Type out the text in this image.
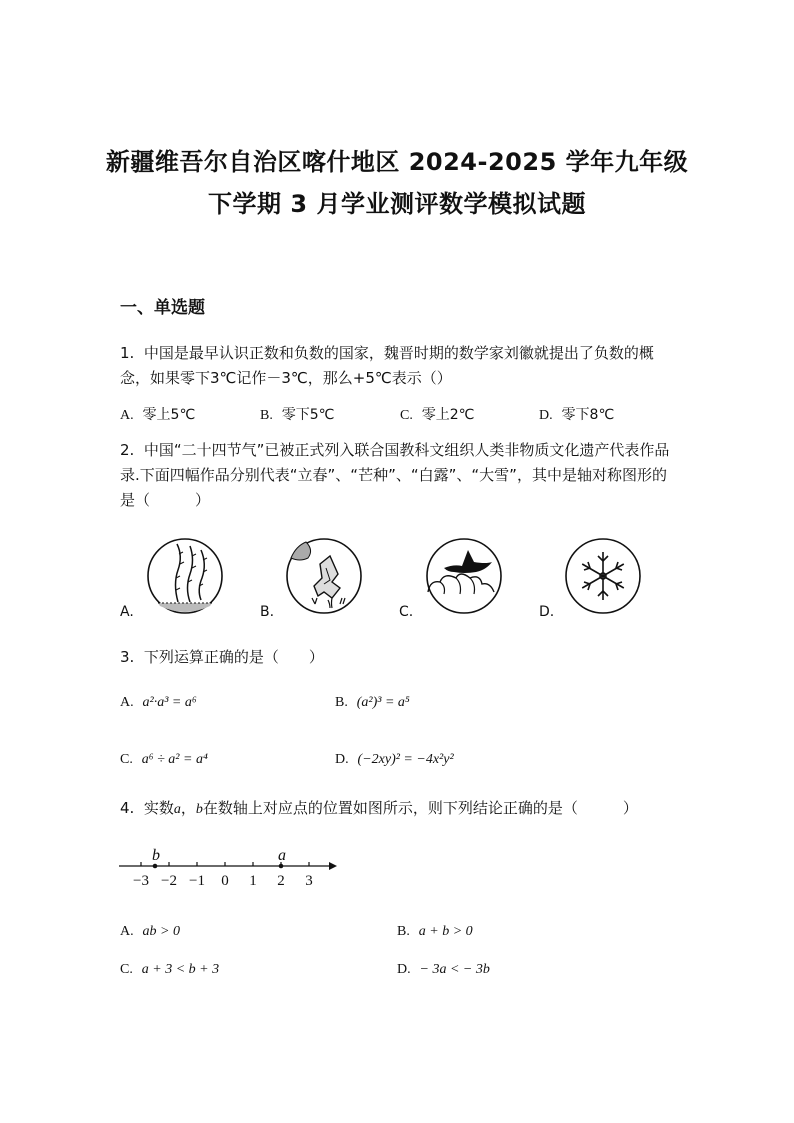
新疆维吾尔自治区喀什地区 2024-2025 学年九年级
下学期 3 月学业测评数学模拟试题
一、单选题
1. 中国是最早认识正数和负数的国家，魏晋时期的数学家刘徽就提出了负数的概念，如果零下3℃记作－3℃，那么+5℃表示（）
A. 零上5℃	B. 零下5℃	C. 零上2℃	D. 零下8℃
2. 中国“二十四节气”已被正式列入联合国教科文组织人类非物质文化遗产代表作品录.下面四幅作品分别代表“立春”、“芒种”、“白露”、“大雪”，其中是轴对称图形的是（　　　）
A.	B.	C.	D.
3. 下列运算正确的是（　　）
A. a²·a³ = a⁶	B. (a²)³ = a⁵
C. a⁶ ÷ a² = a⁴	D. (−2xy)² = −4x²y²
4. 实数a，b在数轴上对应点的位置如图所示，则下列结论正确的是（　　　）
−3 −2 −1 0 1 2 3
b	a
A. ab > 0	B. a + b > 0
C. a + 3 < b + 3	D. − 3a < − 3b
